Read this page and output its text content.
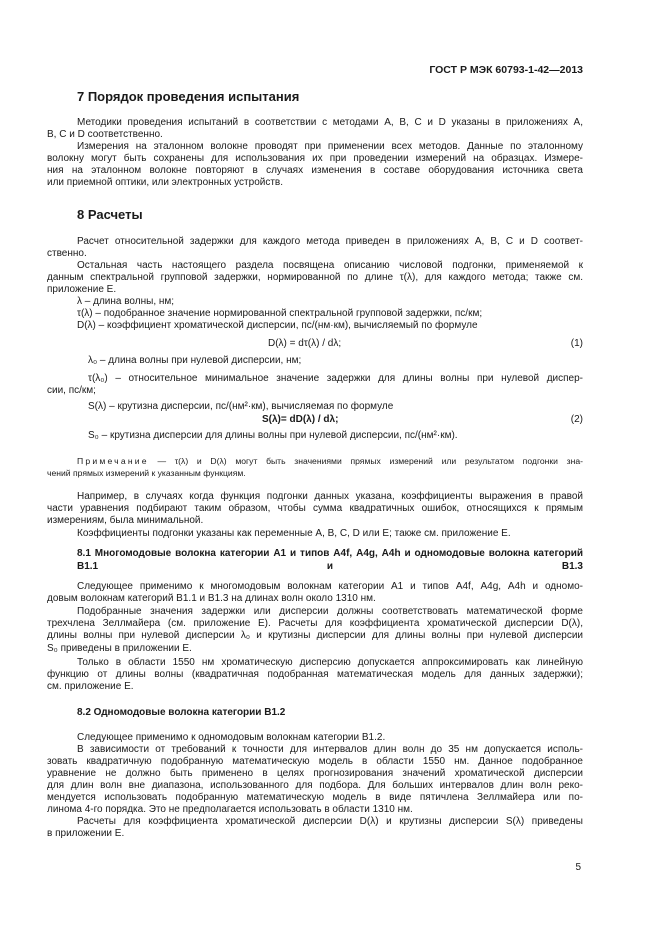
ГОСТ Р МЭК 60793-1-42—2013
7 Порядок проведения испытания
Методики проведения испытаний в соответствии с методами А, В, С и D указаны в приложениях А,
В, С и D соответственно.
Измерения на эталонном волокне проводят при применении всех методов. Данные по эталонному
волокну могут быть сохранены для использования их при проведении измерений на образцах. Измере-
ния на эталонном волокне повторяют в случаях изменения в составе оборудования источника света
или приемной оптики, или электронных устройств.
8 Расчеты
Расчет относительной задержки для каждого метода приведен в приложениях А, В, С и D соответ-
ственно.
Остальная часть настоящего раздела посвящена описанию числовой подгонки, применяемой к
данным спектральной групповой задержки, нормированной по длине τ(λ), для каждого метода; также см.
приложение Е.
λ – длина волны, нм;
τ(λ) – подобранное значение нормированной спектральной групповой задержки, пс/км;
D(λ) – коэффициент хроматической дисперсии, пс/(нм·км), вычисляемый по формуле
D(λ) = dτ(λ) / dλ;	(1)
λ₀ – длина волны при нулевой дисперсии, нм;
τ(λ₀) – относительное минимальное значение задержки для длины волны при нулевой диспер-
сии, пс/км;
S(λ) – крутизна дисперсии, пс/(нм²·км), вычисляемая по формуле
S(λ)= dD(λ) / dλ;	(2)
S₀ – крутизна дисперсии для длины волны при нулевой дисперсии, пс/(нм²·км).
Примечание — τ(λ) и D(λ) могут быть значениями прямых измерений или результатом подгонки зна-
чений прямых измерений к указанным функциям.
Например, в случаях когда функция подгонки данных указана, коэффициенты выражения в правой
части уравнения подбирают таким образом, чтобы сумма квадратичных ошибок, относящихся к прямым
измерениям, была минимальной.
Коэффициенты подгонки указаны как переменные А, В, С, D или Е; также см. приложение Е.
8.1 Многомодовые волокна категории А1 и типов А4f, А4g, А4h и одномодовые волокна категорий В1.1 и В1.3
Следующее применимо к многомодовым волокнам категории А1 и типов А4f, А4g, А4h и одномо-
довым волокнам категорий В1.1 и В1.3 на длинах волн около 1310 нм.
Подобранные значения задержки или дисперсии должны соответствовать математической форме
трехчлена Зеллмайера (см. приложение Е). Расчеты для коэффициента хроматической дисперсии D(λ),
длины волны при нулевой дисперсии λ₀ и крутизны дисперсии для длины волны при нулевой дисперсии
S₀ приведены в приложении Е.
Только в области 1550 нм хроматическую дисперсию допускается аппроксимировать как линейную
функцию от длины волны (квадратичная подобранная математическая модель для данных задержки);
см. приложение Е.
8.2 Одномодовые волокна категории В1.2
Следующее применимо к одномодовым волокнам категории В1.2.
В зависимости от требований к точности для интервалов длин волн до 35 нм допускается исполь-
зовать квадратичную подобранную математическую модель в области 1550 нм. Данное подобранное
уравнение не должно быть применено в целях прогнозирования значений хроматической дисперсии
для длин волн вне диапазона, использованного для подбора. Для больших интервалов длин волн реко-
мендуется использовать подобранную математическую модель в виде пятичлена Зеллмайера или по-
линома 4-го порядка. Это не предполагается использовать в области 1310 нм.
Расчеты для коэффициента хроматической дисперсии D(λ) и крутизны дисперсии S(λ) приведены
в приложении Е.
5
